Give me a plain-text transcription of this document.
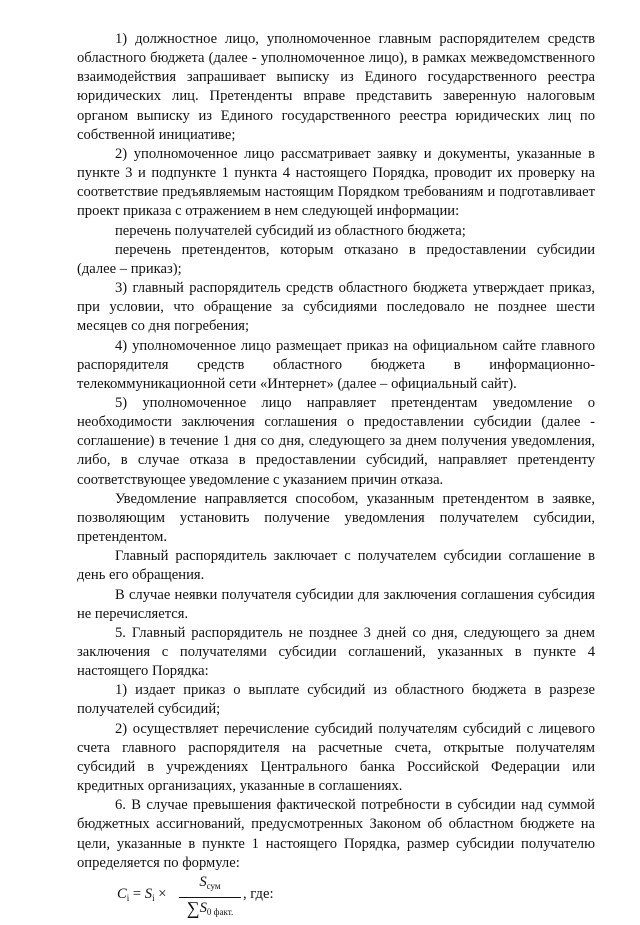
1) должностное лицо, уполномоченное главным распорядителем средств областного бюджета (далее - уполномоченное лицо), в рамках межведомственного взаимодействия запрашивает выписку из Единого государственного реестра юридических лиц. Претенденты вправе представить заверенную налоговым органом выписку из Единого государственного реестра юридических лиц по собственной инициативе;

2) уполномоченное лицо рассматривает заявку и документы, указанные в пункте 3 и подпункте 1 пункта 4 настоящего Порядка, проводит их проверку на соответствие предъявляемым настоящим Порядком требованиям и подготавливает проект приказа с отражением в нем следующей информации:

перечень получателей субсидий из областного бюджета;

перечень претендентов, которым отказано в предоставлении субсидии (далее – приказ);

3) главный распорядитель средств областного бюджета утверждает приказ, при условии, что обращение за субсидиями последовало не позднее шести месяцев со дня погребения;

4) уполномоченное лицо размещает приказ на официальном сайте главного распорядителя средств областного бюджета в информационно-телекоммуникационной сети «Интернет» (далее – официальный сайт).

5) уполномоченное лицо направляет претендентам уведомление о необходимости заключения соглашения о предоставлении субсидии (далее - соглашение) в течение 1 дня со дня, следующего за днем получения уведомления, либо, в случае отказа в предоставлении субсидий, направляет претенденту соответствующее уведомление с указанием причин отказа.

Уведомление направляется способом, указанным претендентом в заявке, позволяющим установить получение уведомления получателем субсидии, претендентом.

Главный распорядитель заключает с получателем субсидии соглашение в день его обращения.

В случае неявки получателя субсидии для заключения соглашения субсидия не перечисляется.

5. Главный распорядитель не позднее 3 дней со дня, следующего за днем заключения с получателями субсидии соглашений, указанных в пункте 4 настоящего Порядка:

1) издает приказ о выплате субсидий из областного бюджета в разрезе получателей субсидий;

2) осуществляет перечисление субсидий получателям субсидий с лицевого счета главного распорядителя на расчетные счета, открытые получателям субсидий в учреждениях Центрального банка Российской Федерации или кредитных организациях, указанные в соглашениях.

6. В случае превышения фактической потребности в субсидии над суммой бюджетных ассигнований, предусмотренных Законом об областном бюджете на цели, указанные в пункте 1 настоящего Порядка, размер субсидии получателю определяется по формуле:

$C_i = S_i$ ×
$S_{сум}$
$\sum S_{0 факт.}$
, где:
